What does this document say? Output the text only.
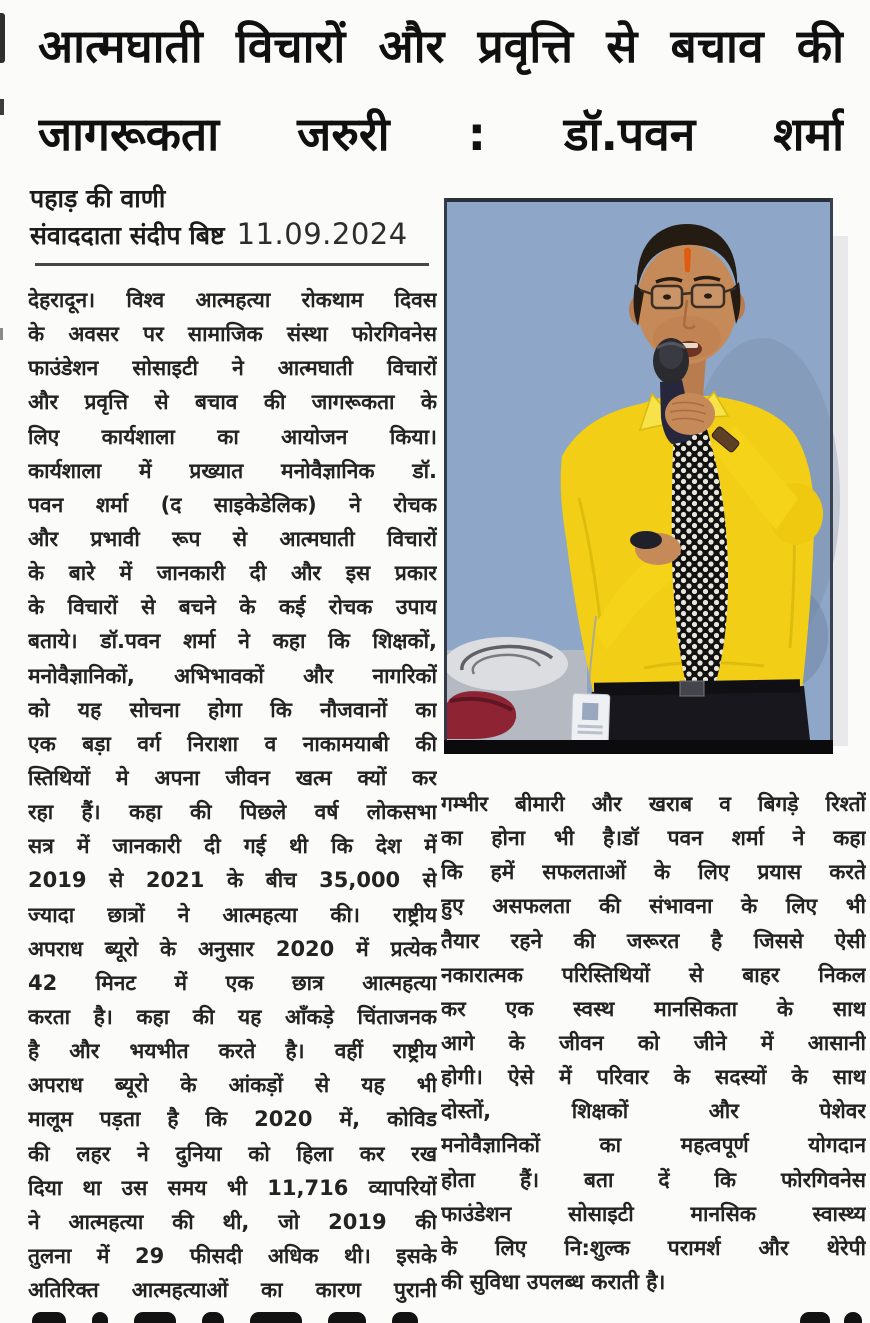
आत्मघाती विचारों और प्रवृत्ति से बचाव की
जागरूकता जरुरी : डॉ.पवन शर्मा
पहाड़ की वाणी
संवाददाता संदीप बिष्ट 11.09.2024
देहरादून। विश्व आत्महत्या रोकथाम दिवस
के अवसर पर सामाजिक संस्था फोरगिवनेस
फाउंडेशन सोसाइटी ने आत्मघाती विचारों
और प्रवृत्ति से बचाव की जागरूकता के
लिए कार्यशाला का आयोजन किया।
कार्यशाला में प्रख्यात मनोवैज्ञानिक डॉ.
पवन शर्मा (द साइकेडेलिक) ने रोचक
और प्रभावी रूप से आत्मघाती विचारों
के बारे में जानकारी दी और इस प्रकार
के विचारों से बचने के कई रोचक उपाय
बताये। डॉ.पवन शर्मा ने कहा कि शिक्षकों,
मनोवैज्ञानिकों, अभिभावकों और नागरिकों
को यह सोचना होगा कि नौजवानों का
एक बड़ा वर्ग निराशा व नाकामयाबी की
स्तिथियों मे अपना जीवन खत्म क्यों कर
रहा हैं। कहा की पिछले वर्ष लोकसभा
सत्र में जानकारी दी गई थी कि देश में
2019 से 2021 के बीच 35,000 से
ज्यादा छात्रों ने आत्महत्या की। राष्ट्रीय
अपराध ब्यूरो के अनुसार 2020 में प्रत्येक
42 मिनट में एक छात्र आत्महत्या
करता है। कहा की यह आँकड़े चिंताजनक
है और भयभीत करते है। वहीं राष्ट्रीय
अपराध ब्यूरो के आंकड़ों से यह भी
मालूम पड़ता है कि 2020 में, कोविड
की लहर ने दुनिया को हिला कर रख
दिया था उस समय भी 11,716 व्यापरियों
ने आत्महत्या की थी, जो 2019 की
तुलना में 29 फीसदी अधिक थी। इसके
अतिरिक्त आत्महत्याओं का कारण पुरानी
गम्भीर बीमारी और खराब व बिगड़े रिश्तों
का होना भी है।डॉ पवन शर्मा ने कहा
कि हमें सफलताओं के लिए प्रयास करते
हुए असफलता की संभावना के लिए भी
तैयार रहने की जरूरत है जिससे ऐसी
नकारात्मक परिस्तिथियों से बाहर निकल
कर एक स्वस्थ मानसिकता के साथ
आगे के जीवन को जीने में आसानी
होगी। ऐसे में परिवार के सदस्यों के साथ
दोस्तों, शिक्षकों और पेशेवर
मनोवैज्ञानिकों का महत्वपूर्ण योगदान
होता हैं। बता दें कि फोरगिवनेस
फाउंडेशन सोसाइटी मानसिक स्वास्थ्य
के लिए नि:शुल्क परामर्श और थेरेपी
की सुविधा उपलब्ध कराती है।
